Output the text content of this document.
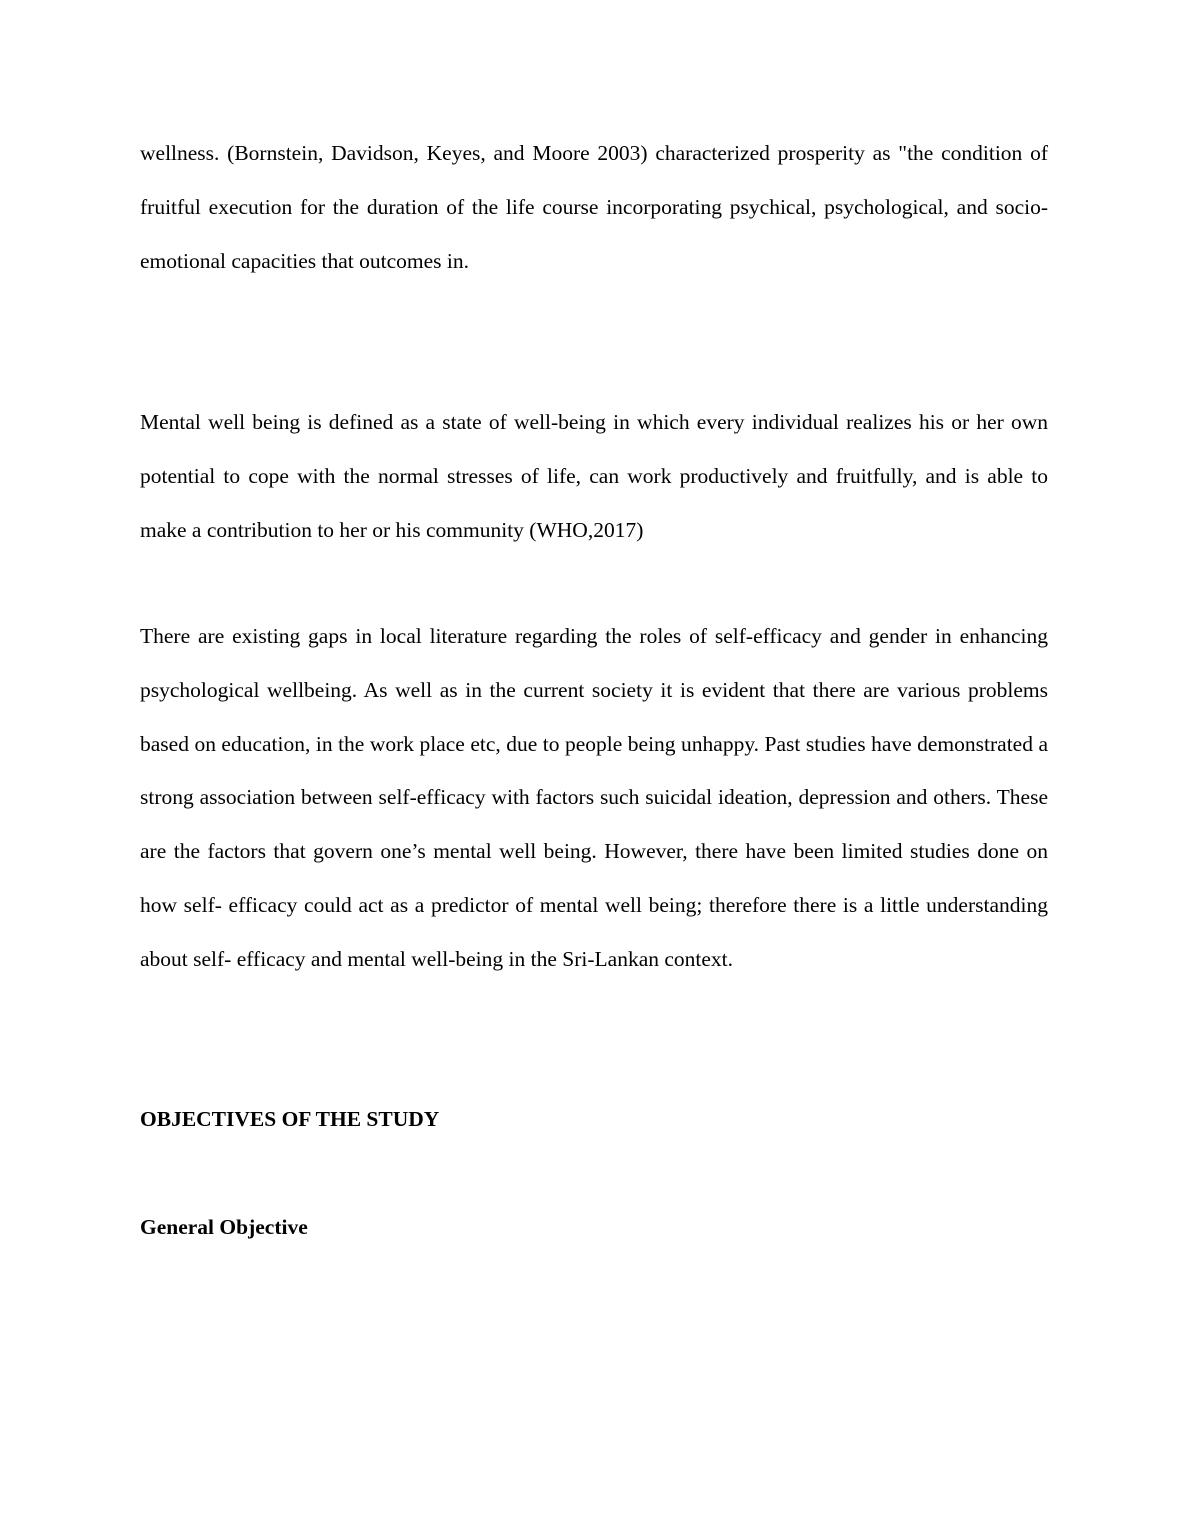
wellness. (Bornstein, Davidson, Keyes, and Moore 2003) characterized prosperity as "the condition of fruitful execution for the duration of the life course incorporating psychical, psychological, and socio-emotional capacities that outcomes in.

Mental well being is defined as a state of well-being in which every individual realizes his or her own potential to cope with the normal stresses of life, can work productively and fruitfully, and is able to make a contribution to her or his community (WHO,2017)

There are existing gaps in local literature regarding the roles of self-efficacy and gender in enhancing psychological wellbeing. As well as in the current society it is evident that there are various problems based on education, in the work place etc, due to people being unhappy. Past studies have demonstrated a strong association between self-efficacy with factors such suicidal ideation, depression and others. These are the factors that govern one’s mental well being. However, there have been limited studies done on how self- efficacy could act as a predictor of mental well being; therefore there is a little understanding about self- efficacy and mental well-being in the Sri-Lankan context.

OBJECTIVES OF THE STUDY
General Objective
